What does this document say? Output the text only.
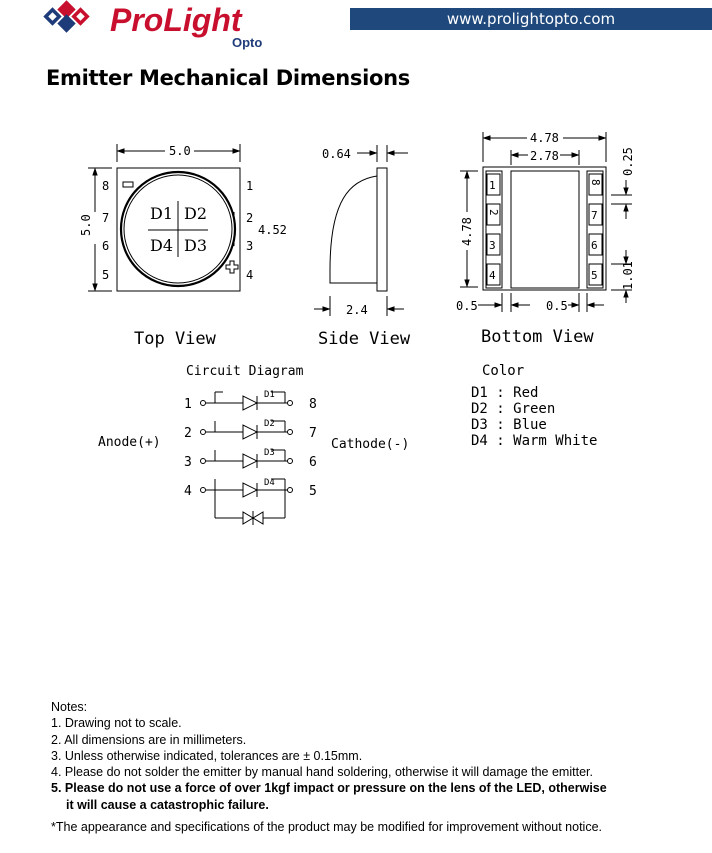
ProLight
Opto
www.prolightopto.com
Emitter Mechanical Dimensions
5.0
5.0	4.52
D1 D2
D4 D3
8
7
6
5
1
2
3
4
Top View
0.64
2.4
Side View
4.78
2.78
4.78
0.25
1.01
0.5	0.5
1
2
3
4
8
7
6
5
Bottom View
Circuit Diagram
Anode(+)	Cathode(-)
1
2
3
4
8
7
6
5
D1
D2
D3
D4
Color
D1 : Red
D2 : Green
D3 : Blue
D4 : Warm White
Notes:
1. Drawing not to scale.
2. All dimensions are in millimeters.
3. Unless otherwise indicated, tolerances are ± 0.15mm.
4. Please do not solder the emitter by manual hand soldering, otherwise it will damage the emitter.
5. Please do not use a force of over 1kgf impact or pressure on the lens of the LED, otherwise
it will cause a catastrophic failure.
*The appearance and specifications of the product may be modified for improvement without notice.
